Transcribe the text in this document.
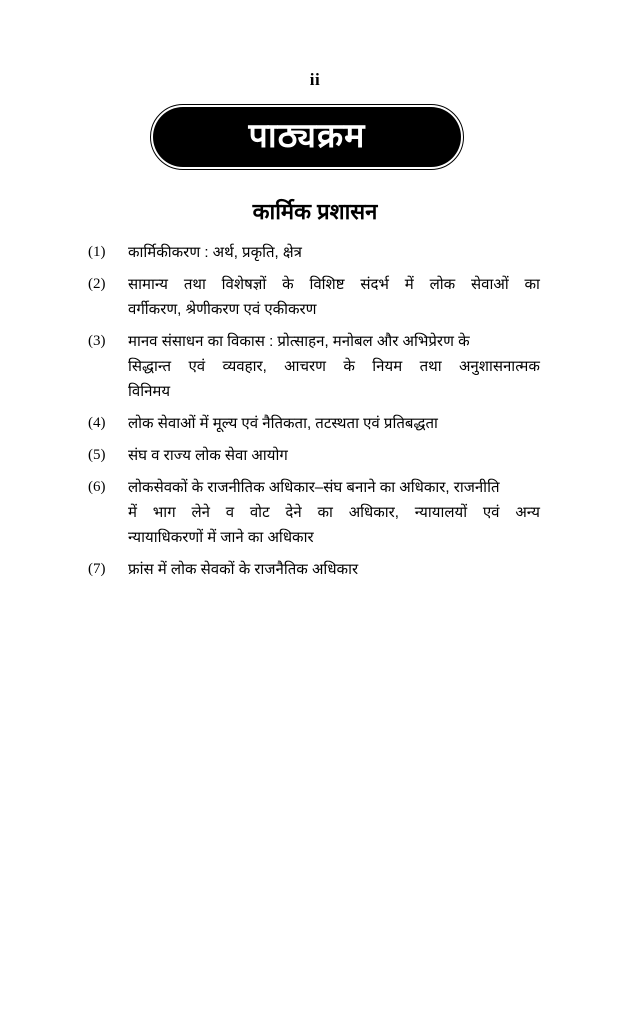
ii
पाठ्यक्रम
कार्मिक प्रशासन
(1)	कार्मिकीकरण : अर्थ, प्रकृति, क्षेत्र
(2)	सामान्य तथा विशेषज्ञों के विशिष्ट संदर्भ में लोक सेवाओं का
वर्गीकरण, श्रेणीकरण एवं एकीकरण
(3)	मानव संसाधन का विकास : प्रोत्साहन, मनोबल और अभिप्रेरण के
सिद्धान्त एवं व्यवहार, आचरण के नियम तथा अनुशासनात्मक
विनिमय
(4)	लोक सेवाओं में मूल्य एवं नैतिकता, तटस्थता एवं प्रतिबद्धता
(5)	संघ व राज्य लोक सेवा आयोग
(6)	लोकसेवकों के राजनीतिक अधिकार–संघ बनाने का अधिकार, राजनीति
में भाग लेने व वोट देने का अधिकार, न्यायालयों एवं अन्य
न्यायाधिकरणों में जाने का अधिकार
(7)	फ्रांस में लोक सेवकों के राजनैतिक अधिकार
